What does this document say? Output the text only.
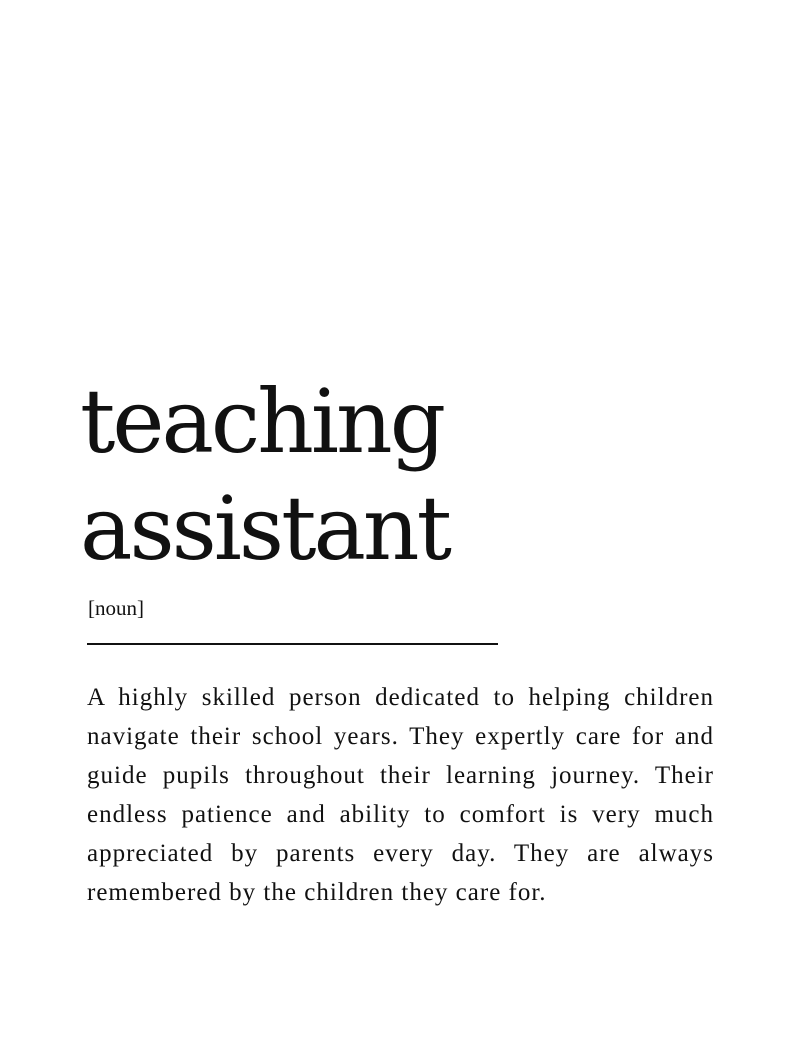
teaching
assistant
[noun]

A highly skilled person dedicated to helping children navigate their school years. They expertly care for and guide pupils throughout their learning journey. Their endless patience and ability to comfort is very much appreciated by parents every day. They are always remembered by the children they care for.
